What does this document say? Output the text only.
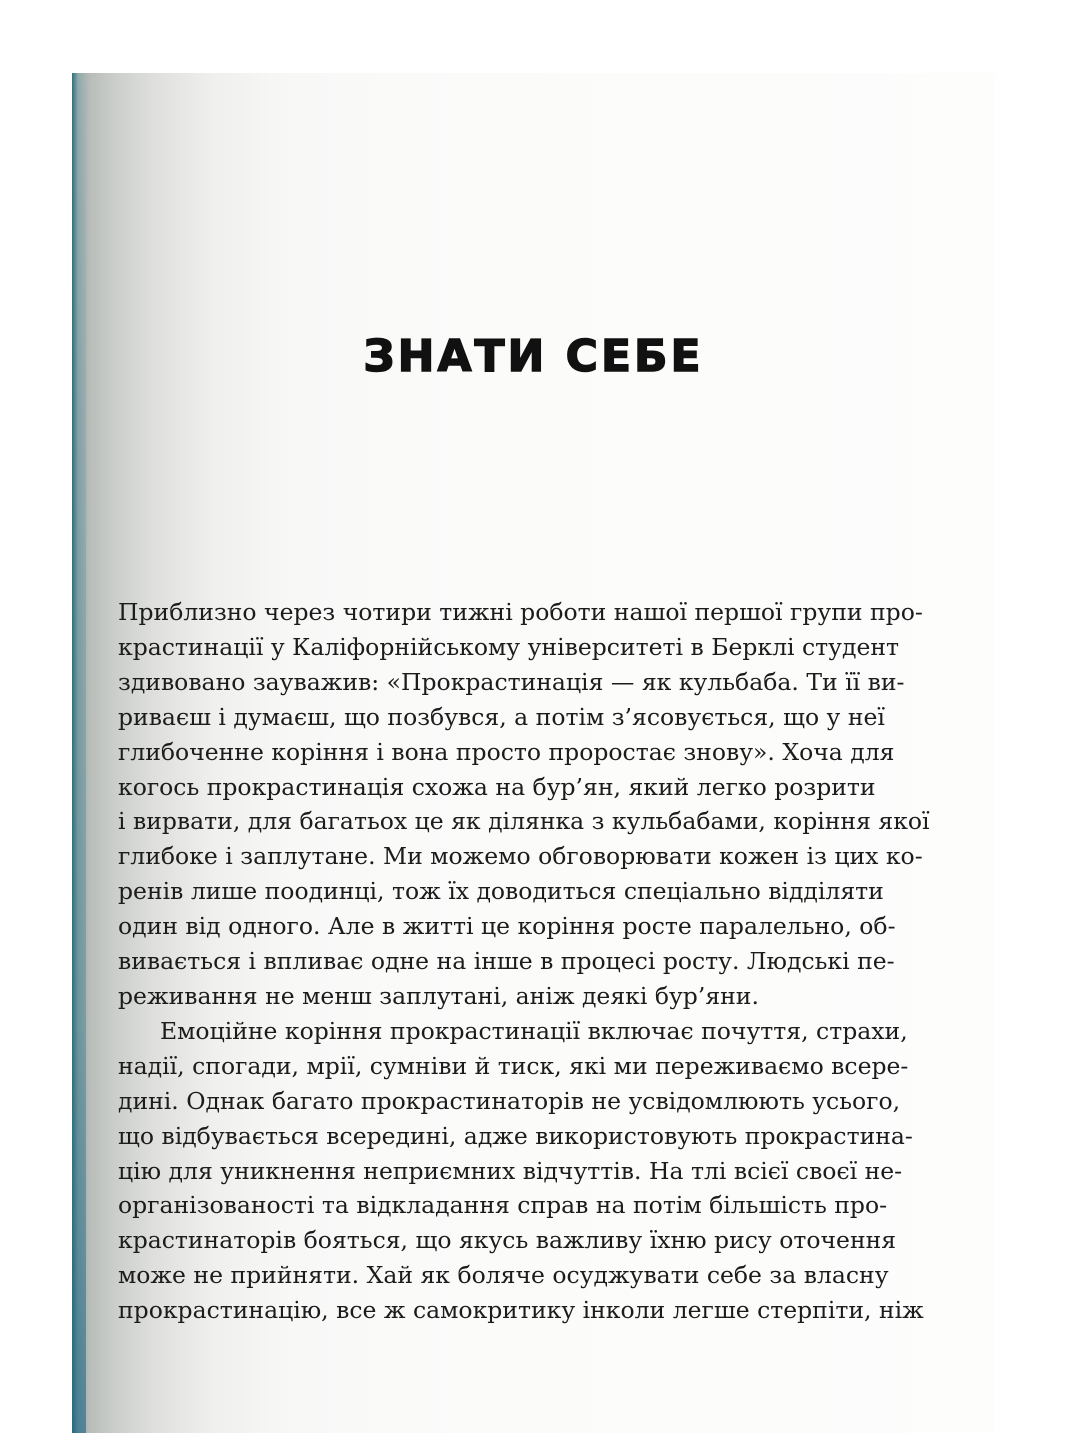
ЗНАТИ СЕБЕ
Приблизно через чотири тижні роботи нашої першої групи про-
крастинації у Каліфорнійському університеті в Берклі студент
здивовано зауважив: «Прокрастинація — як кульбаба. Ти її ви-
риваєш і думаєш, що позбувся, а потім з’ясовується, що у неї
глибоченне коріння і вона просто проростає знову». Хоча для
когось прокрастинація схожа на бур’ян, який легко розрити
і вирвати, для багатьох це як ділянка з кульбабами, коріння якої
глибоке і заплутане. Ми можемо обговорювати кожен із цих ко-
ренів лише поодинці, тож їх доводиться спеціально відділяти
один від одного. Але в житті це коріння росте паралельно, об-
вивається і впливає одне на інше в процесі росту. Людські пе-
реживання не менш заплутані, аніж деякі бур’яни.
Емоційне коріння прокрастинації включає почуття, страхи,
надії, спогади, мрії, сумніви й тиск, які ми переживаємо всере-
дині. Однак багато прокрастинаторів не усвідомлюють усього,
що відбувається всередині, адже використовують прокрастина-
цію для уникнення неприємних відчуттів. На тлі всієї своєї не-
організованості та відкладання справ на потім більшість про-
крастинаторів бояться, що якусь важливу їхню рису оточення
може не прийняти. Хай як боляче осуджувати себе за власну
прокрастинацію, все ж самокритику інколи легше стерпіти, ніж
